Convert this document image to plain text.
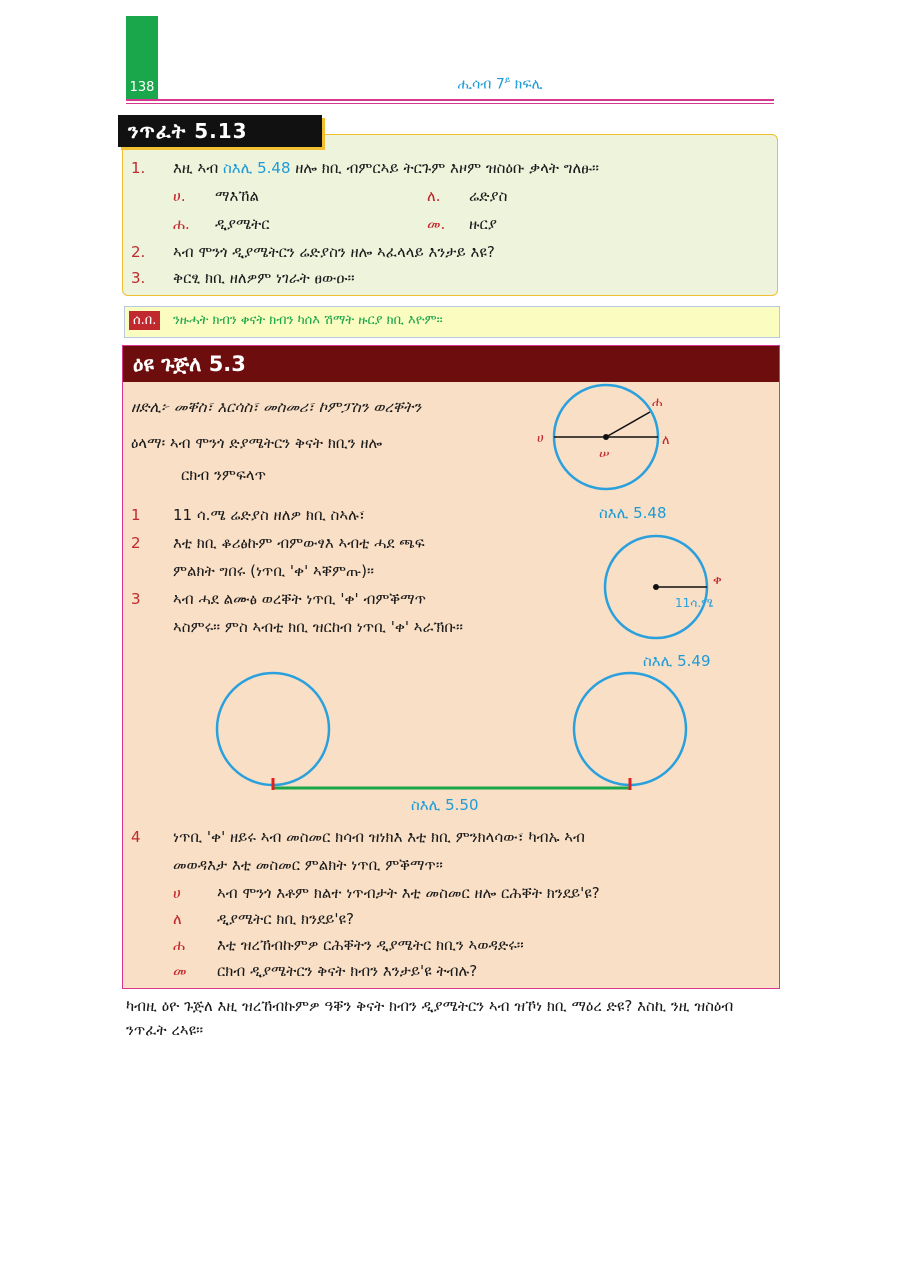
138	ሒሳብ $7^ይ$ ክፍሊ
1. እዚ ኣብ ስእሊ 5.48 ዘሎ ክቢ ብምርኣይ ትርጉም እዞም ዝስዕቡ ቃላት ግለፁ።
ሀ. ማእኸል	ለ. ሬድያስ
ሐ. ዲያሜትር	መ. ዙርያ
2. ኣብ ሞንጎ ዲያሜትርን ሬድያስን ዘሎ ኣፈላላይ እንታይ እዩ?
3. ቅርፂ ክቢ ዘለዎም ነገራት ፀውዑ።
ንጥፈት 5.13
ሰ.በ.	ንዙሓት ክብን ቀናት ክብን ካሰእ ሽማት ዙርያ ክቢ እዮም።
ዕዩ ጉጅለ 5.3
ዘድሊ፦ መቐስ፣ እርሳስ፣ መስመሪ፣ ኮምፓስን ወረቐትን
ዕላማ፡ ኣብ ሞንጎ ድያሜትርን ቅናት ክቢን ዘሎ
ርክብ ንምፍላጥ
ሀ	ለ
ሐ
ሠ
ስእሊ 5.48
1 11 ሳ.ሜ ሬድያስ ዘለዎ ክቢ ስኣሉ፣
2 እቲ ክቢ ቆሪፅኩም ብምውፃእ ኣብቲ ሓደ ጫፍ
ምልክት ግበሩ (ነጥቢ 'ቀ' ኣቐምጡ)።
3 ኣብ ሓደ ልሙፅ ወረቐት ነጥቢ 'ቀ' ብምቕማጥ
ኣስምሩ። ምስ ኣብቲ ክቢ ዝርከብ ነጥቢ 'ቀ' ኣራኽቡ።
ቀ
11ሳ.ሜ
ስእሊ 5.49
ስእሊ 5.50
4 ነጥቢ 'ቀ' ዘይሩ ኣብ መስመር ክሳብ ዝነክእ እቲ ክቢ ምንክላሳው፣ ካብኡ ኣብ
መወዳእታ እቲ መስመር ምልክት ነጥቢ ምቕማጥ።
ሀ ኣብ ሞንጎ እቶም ክልተ ነጥብታት እቲ መስመር ዘሎ ርሕቐት ክንደይ'ዩ?
ለ ዲያሜትር ክቢ ክንደይ'ዩ?
ሐ እቲ ዝረኸብኩምዎ ርሕቐትን ዲያሜትር ክቢን ኣወዳድሩ።
መ ርክብ ዲያሜትርን ቅናት ክብን እንታይ'ዩ ትብሉ?
ካብዚ ዕዮ ጉጅለ እዚ ዝረኸብኩምዎ ዓቐን ቅናት ክብን ዲያሜትርን ኣብ ዝኾነ ክቢ ማዕረ ድዩ? እስኪ ንዚ ዝስዕብ ንጥፈት ረኣዩ።
